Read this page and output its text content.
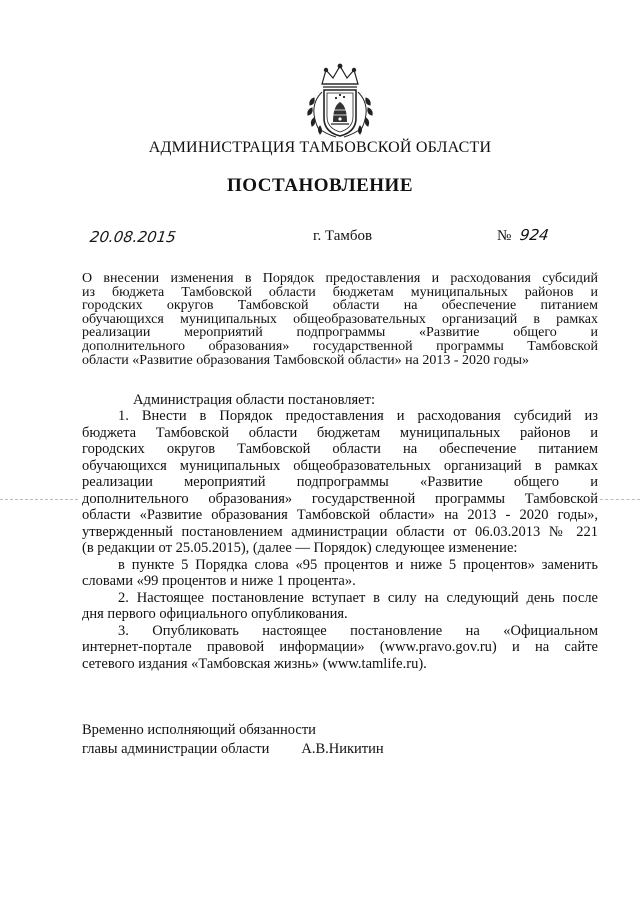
АДМИНИСТРАЦИЯ ТАМБОВСКОЙ ОБЛАСТИ
ПОСТАНОВЛЕНИЕ
20.08.2015	г. Тамбов	№ 924
О внесении изменения в Порядок предоставления и расходования субсидий
из бюджета Тамбовской области бюджетам муниципальных районов и
городских округов Тамбовской области на обеспечение питанием
обучающихся муниципальных общеобразовательных организаций в рамках
реализации мероприятий подпрограммы «Развитие общего и
дополнительного образования» государственной программы Тамбовской
области «Развитие образования Тамбовской области» на 2013 - 2020 годы»
Администрация области постановляет:
1. Внести в Порядок предоставления и расходования субсидий из
бюджета Тамбовской области бюджетам муниципальных районов и
городских округов Тамбовской области на обеспечение питанием
обучающихся муниципальных общеобразовательных организаций в рамках
реализации мероприятий подпрограммы «Развитие общего и
дополнительного образования» государственной программы Тамбовской
области «Развитие образования Тамбовской области» на 2013 - 2020 годы»,
утвержденный постановлением администрации области от 06.03.2013 № 221
(в редакции от 25.05.2015), (далее — Порядок) следующее изменение:
в пункте 5 Порядка слова «95 процентов и ниже 5 процентов» заменить
словами «99 процентов и ниже 1 процента».
2. Настоящее постановление вступает в силу на следующий день после
дня первого официального опубликования.
3. Опубликовать настоящее постановление на «Официальном
интернет-портале правовой информации» (www.pravo.gov.ru) и на сайте
сетевого издания «Тамбовская жизнь» (www.tamlife.ru).
Временно исполняющий обязанности
главы администрации области А.В.Никитин
